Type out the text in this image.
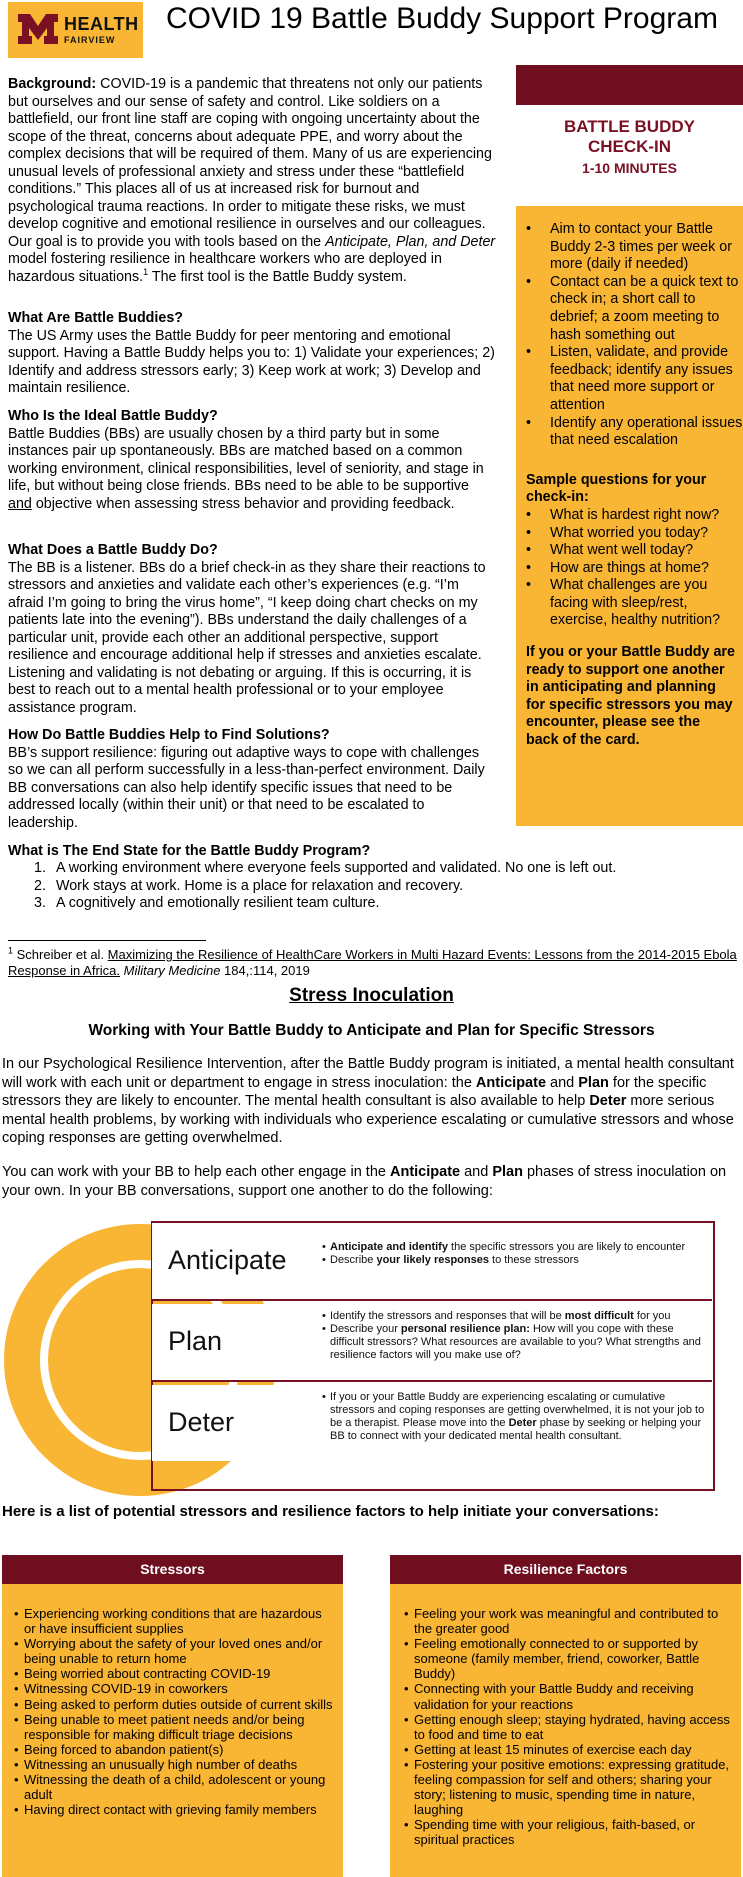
HEALTH
FAIRVIEW
COVID 19 Battle Buddy Support Program
Background: COVID-19 is a pandemic that threatens not only our patients but ourselves and our sense of safety and control. Like soldiers on a battlefield, our front line staff are coping with ongoing uncertainty about the scope of the threat, concerns about adequate PPE, and worry about the complex decisions that will be required of them. Many of us are experiencing unusual levels of professional anxiety and stress under these “battlefield conditions.” This places all of us at increased risk for burnout and psychological trauma reactions. In order to mitigate these risks, we must develop cognitive and emotional resilience in ourselves and our colleagues. Our goal is to provide you with tools based on the Anticipate, Plan, and Deter model fostering resilience in healthcare workers who are deployed in hazardous situations.$^1$ The first tool is the Battle Buddy system.
What Are Battle Buddies?
The US Army uses the Battle Buddy for peer mentoring and emotional support. Having a Battle Buddy helps you to: 1) Validate your experiences; 2) Identify and address stressors early; 3) Keep work at work; 3) Develop and maintain resilience.
Who Is the Ideal Battle Buddy?
Battle Buddies (BBs) are usually chosen by a third party but in some instances pair up spontaneously. BBs are matched based on a common working environment, clinical responsibilities, level of seniority, and stage in life, but without being close friends. BBs need to be able to be supportive and objective when assessing stress behavior and providing feedback.
What Does a Battle Buddy Do?
The BB is a listener. BBs do a brief check-in as they share their reactions to stressors and anxieties and validate each other’s experiences (e.g. “I’m afraid I’m going to bring the virus home”, “I keep doing chart checks on my patients late into the evening”). BBs understand the daily challenges of a particular unit, provide each other an additional perspective, support resilience and encourage additional help if stresses and anxieties escalate. Listening and validating is not debating or arguing. If this is occurring, it is best to reach out to a mental health professional or to your employee assistance program.
How Do Battle Buddies Help to Find Solutions?
BB’s support resilience: figuring out adaptive ways to cope with challenges so we can all perform successfully in a less-than-perfect environment. Daily BB conversations can also help identify specific issues that need to be addressed locally (within their unit) or that need to be escalated to leadership.
BATTLE BUDDY CHECK-IN
1-10 MINUTES
• Aim to contact your Battle Buddy 2-3 times per week or more (daily if needed)
• Contact can be a quick text to check in; a short call to debrief; a zoom meeting to hash something out
• Listen, validate, and provide feedback; identify any issues that need more support or attention
• Identify any operational issues that need escalation
Sample questions for your check-in:
• What is hardest right now?
• What worried you today?
• What went well today?
• How are things at home?
• What challenges are you facing with sleep/rest, exercise, healthy nutrition?
If you or your Battle Buddy are ready to support one another in anticipating and planning for specific stressors you may encounter, please see the back of the card.
What is The End State for the Battle Buddy Program?
1. A working environment where everyone feels supported and validated. No one is left out.
2. Work stays at work. Home is a place for relaxation and recovery.
3. A cognitively and emotionally resilient team culture.
$^1$ Schreiber et al. Maximizing the Resilience of HealthCare Workers in Multi Hazard Events: Lessons from the 2014-2015 Ebola Response in Africa. Military Medicine 184,:114, 2019
Stress Inoculation
Working with Your Battle Buddy to Anticipate and Plan for Specific Stressors
In our Psychological Resilience Intervention, after the Battle Buddy program is initiated, a mental health consultant will work with each unit or department to engage in stress inoculation: the Anticipate and Plan for the specific stressors they are likely to encounter. The mental health consultant is also available to help Deter more serious mental health problems, by working with individuals who experience escalating or cumulative stressors and whose coping responses are getting overwhelmed.
You can work with your BB to help each other engage in the Anticipate and Plan phases of stress inoculation on your own. In your BB conversations, support one another to do the following:
Anticipate
•	Anticipate and identify the specific stressors you are likely to encounter
• Describe your likely responses to these stressors
Plan
• Identify the stressors and responses that will be most difficult for you
• Describe your personal resilience plan: How will you cope with these difficult stressors? What resources are available to you? What strengths and resilience factors will you make use of?
Deter
• If you or your Battle Buddy are experiencing escalating or cumulative stressors and coping responses are getting overwhelmed, it is not your job to be a therapist. Please move into the Deter phase by seeking or helping your BB to connect with your dedicated mental health consultant.
Here is a list of potential stressors and resilience factors to help initiate your conversations:
Stressors
• Experiencing working conditions that are hazardous or have insufficient supplies
• Worrying about the safety of your loved ones and/or being unable to return home
• Being worried about contracting COVID-19
• Witnessing COVID-19 in coworkers
• Being asked to perform duties outside of current skills
• Being unable to meet patient needs and/or being responsible for making difficult triage decisions
• Being forced to abandon patient(s)
• Witnessing an unusually high number of deaths
• Witnessing the death of a child, adolescent or young adult
• Having direct contact with grieving family members
Resilience Factors
• Feeling your work was meaningful and contributed to the greater good
• Feeling emotionally connected to or supported by someone (family member, friend, coworker, Battle Buddy)
• Connecting with your Battle Buddy and receiving validation for your reactions
• Getting enough sleep; staying hydrated, having access to food and time to eat
• Getting at least 15 minutes of exercise each day
• Fostering your positive emotions: expressing gratitude, feeling compassion for self and others; sharing your story; listening to music, spending time in nature, laughing
• Spending time with your religious, faith-based, or spiritual practices
